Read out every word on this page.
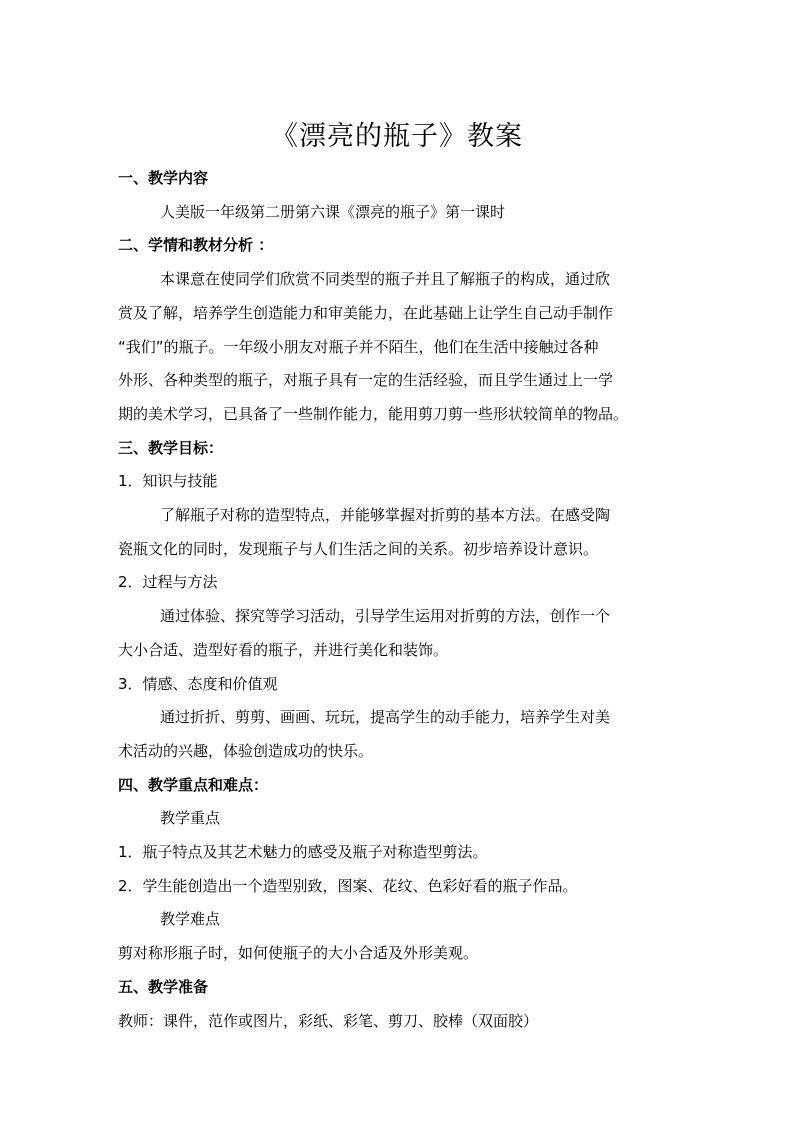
《漂亮的瓶子》教案

一、教学内容

人美版一年级第二册第六课《漂亮的瓶子》第一课时

二、学情和教材分析 ：

本课意在使同学们欣赏不同类型的瓶子并且了解瓶子的构成，通过欣

赏及了解，培养学生创造能力和审美能力，在此基础上让学生自己动手制作

“我们”的瓶子。一年级小朋友对瓶子并不陌生，他们在生活中接触过各种

外形、各种类型的瓶子，对瓶子具有一定的生活经验，而且学生通过上一学

期的美术学习，已具备了一些制作能力，能用剪刀剪一些形状较简单的物品。

三、教学目标：

1．知识与技能

了解瓶子对称的造型特点，并能够掌握对折剪的基本方法。在感受陶

瓷瓶文化的同时，发现瓶子与人们生活之间的关系。初步培养设计意识。

2．过程与方法

通过体验、探究等学习活动，引导学生运用对折剪的方法，创作一个

大小合适、造型好看的瓶子，并进行美化和装饰。

3．情感、态度和价值观

通过折折、剪剪、画画、玩玩，提高学生的动手能力，培养学生对美

术活动的兴趣，体验创造成功的快乐。

四、教学重点和难点：

教学重点

1．瓶子特点及其艺术魅力的感受及瓶子对称造型剪法。

2．学生能创造出一个造型别致，图案、花纹、色彩好看的瓶子作品。

教学难点

剪对称形瓶子时，如何使瓶子的大小合适及外形美观。

五、教学准备

教师：课件，范作或图片，彩纸、彩笔、剪刀、胶棒（双面胶）
